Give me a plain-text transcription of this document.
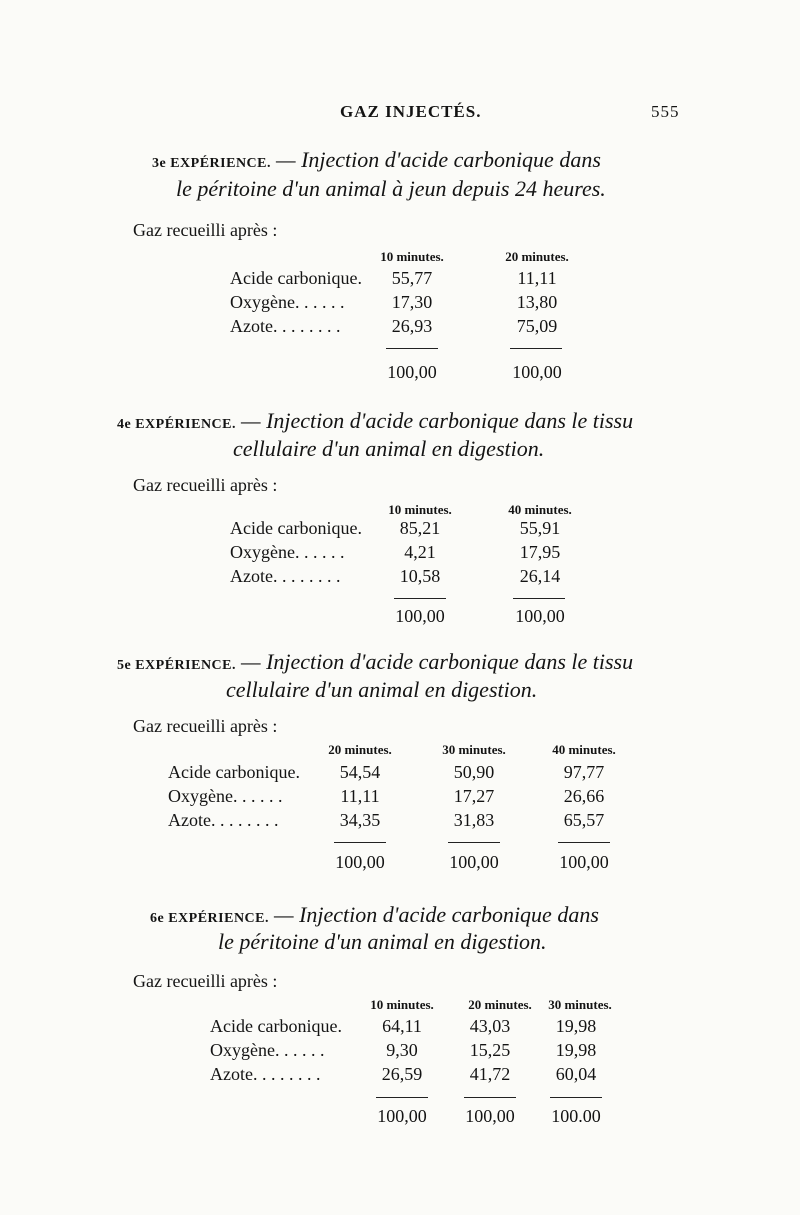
GAZ INJECTÉS.	555
3e EXPÉRIENCE. — Injection d'acide carbonique dans
le péritoine d'un animal à jeun depuis 24 heures.
Gaz recueilli après :
10 minutes.	20 minutes.
Acide carbonique.	55,77	11,11
Oxygène. . . . . .	17,30	13,80
Azote. . . . . . . .	26,93	75,09
100,00	100,00
4e EXPÉRIENCE. — Injection d'acide carbonique dans le tissu
cellulaire d'un animal en digestion.
Gaz recueilli après :
10 minutes.	40 minutes.
Acide carbonique.	85,21	55,91
Oxygène. . . . . .	4,21	17,95
Azote. . . . . . . .	10,58	26,14
100,00	100,00
5e EXPÉRIENCE. — Injection d'acide carbonique dans le tissu
cellulaire d'un animal en digestion.
Gaz recueilli après :
20 minutes.	30 minutes.	40 minutes.
Acide carbonique.	54,54	50,90	97,77
Oxygène. . . . . .	11,11	17,27	26,66
Azote. . . . . . . .	34,35	31,83	65,57
100,00	100,00	100,00
6e EXPÉRIENCE. — Injection d'acide carbonique dans
le péritoine d'un animal en digestion.
Gaz recueilli après :
10 minutes.	20 minutes.	30 minutes.
Acide carbonique.	64,11	43,03	19,98
Oxygène. . . . . .	9,30	15,25	19,98
Azote. . . . . . . .	26,59	41,72	60,04
100,00	100,00	100.00
